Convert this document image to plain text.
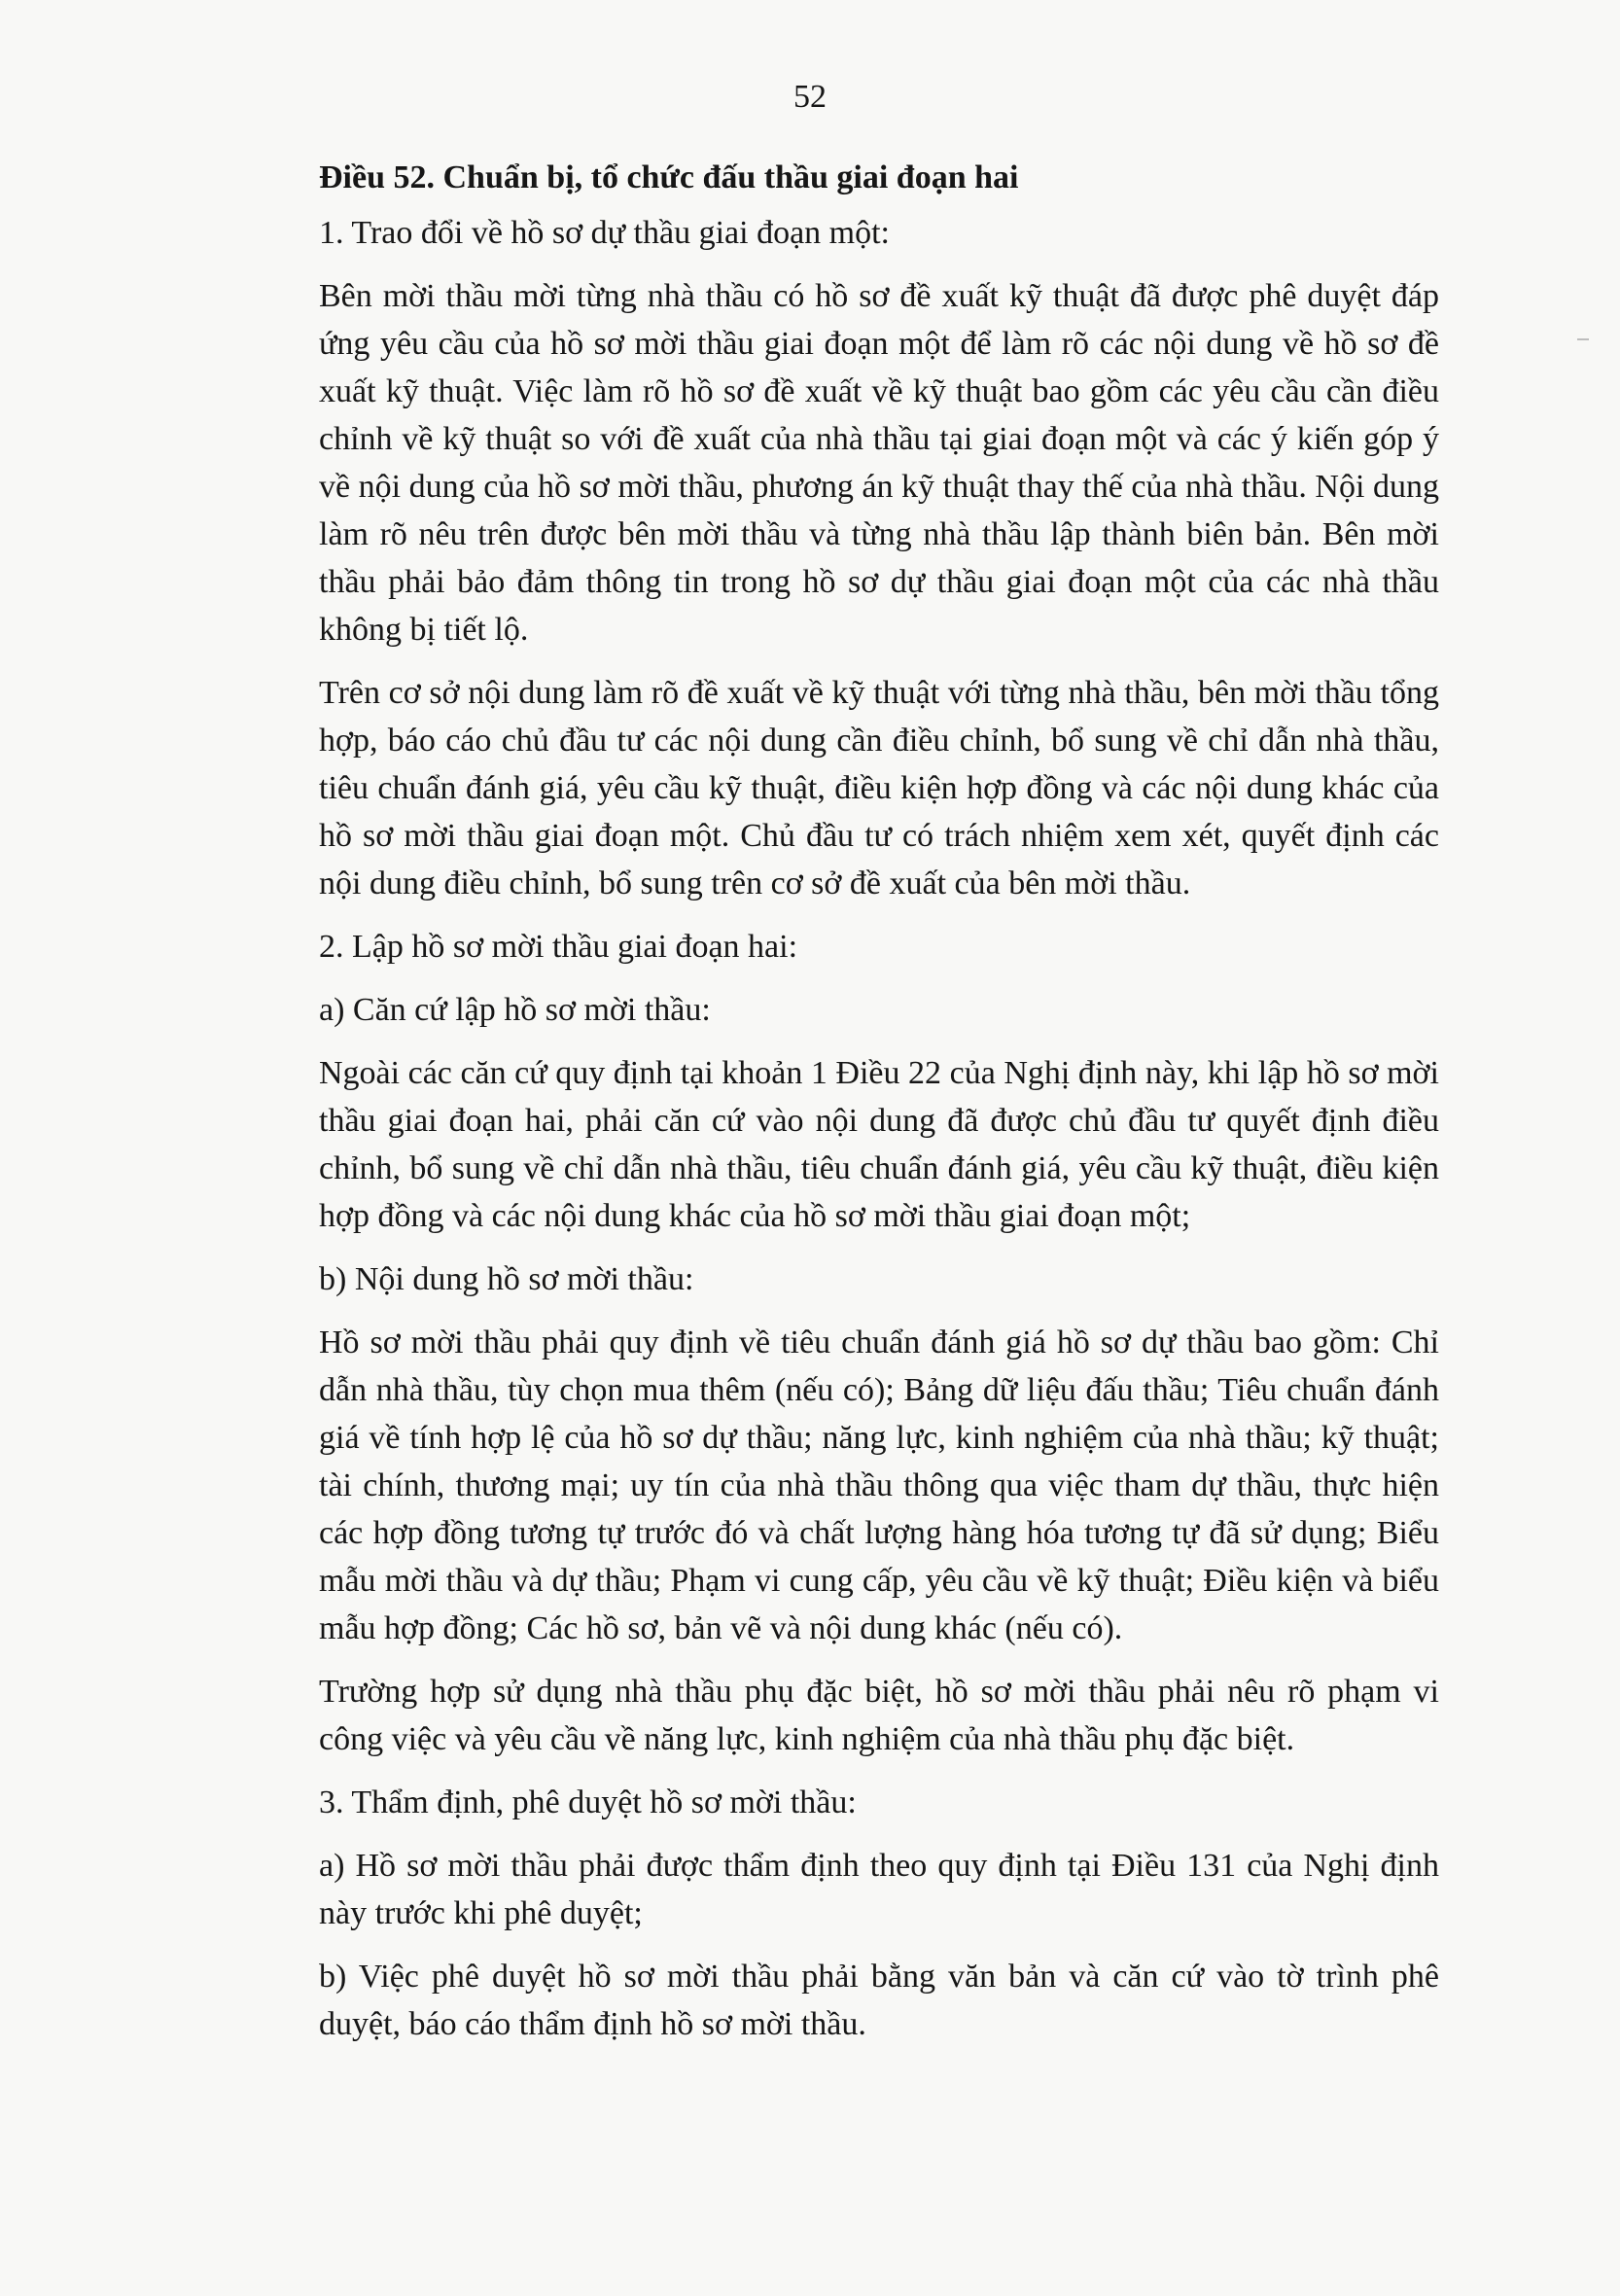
52
Điều 52. Chuẩn bị, tổ chức đấu thầu giai đoạn hai
1. Trao đổi về hồ sơ dự thầu giai đoạn một:
Bên mời thầu mời từng nhà thầu có hồ sơ đề xuất kỹ thuật đã được phê duyệt đáp ứng yêu cầu của hồ sơ mời thầu giai đoạn một để làm rõ các nội dung về hồ sơ đề xuất kỹ thuật. Việc làm rõ hồ sơ đề xuất về kỹ thuật bao gồm các yêu cầu cần điều chỉnh về kỹ thuật so với đề xuất của nhà thầu tại giai đoạn một và các ý kiến góp ý về nội dung của hồ sơ mời thầu, phương án kỹ thuật thay thế của nhà thầu. Nội dung làm rõ nêu trên được bên mời thầu và từng nhà thầu lập thành biên bản. Bên mời thầu phải bảo đảm thông tin trong hồ sơ dự thầu giai đoạn một của các nhà thầu không bị tiết lộ.
Trên cơ sở nội dung làm rõ đề xuất về kỹ thuật với từng nhà thầu, bên mời thầu tổng hợp, báo cáo chủ đầu tư các nội dung cần điều chỉnh, bổ sung về chỉ dẫn nhà thầu, tiêu chuẩn đánh giá, yêu cầu kỹ thuật, điều kiện hợp đồng và các nội dung khác của hồ sơ mời thầu giai đoạn một. Chủ đầu tư có trách nhiệm xem xét, quyết định các nội dung điều chỉnh, bổ sung trên cơ sở đề xuất của bên mời thầu.
2. Lập hồ sơ mời thầu giai đoạn hai:
a) Căn cứ lập hồ sơ mời thầu:
Ngoài các căn cứ quy định tại khoản 1 Điều 22 của Nghị định này, khi lập hồ sơ mời thầu giai đoạn hai, phải căn cứ vào nội dung đã được chủ đầu tư quyết định điều chỉnh, bổ sung về chỉ dẫn nhà thầu, tiêu chuẩn đánh giá, yêu cầu kỹ thuật, điều kiện hợp đồng và các nội dung khác của hồ sơ mời thầu giai đoạn một;
b) Nội dung hồ sơ mời thầu:
Hồ sơ mời thầu phải quy định về tiêu chuẩn đánh giá hồ sơ dự thầu bao gồm: Chỉ dẫn nhà thầu, tùy chọn mua thêm (nếu có); Bảng dữ liệu đấu thầu; Tiêu chuẩn đánh giá về tính hợp lệ của hồ sơ dự thầu; năng lực, kinh nghiệm của nhà thầu; kỹ thuật; tài chính, thương mại; uy tín của nhà thầu thông qua việc tham dự thầu, thực hiện các hợp đồng tương tự trước đó và chất lượng hàng hóa tương tự đã sử dụng; Biểu mẫu mời thầu và dự thầu; Phạm vi cung cấp, yêu cầu về kỹ thuật; Điều kiện và biểu mẫu hợp đồng; Các hồ sơ, bản vẽ và nội dung khác (nếu có).
Trường hợp sử dụng nhà thầu phụ đặc biệt, hồ sơ mời thầu phải nêu rõ phạm vi công việc và yêu cầu về năng lực, kinh nghiệm của nhà thầu phụ đặc biệt.
3. Thẩm định, phê duyệt hồ sơ mời thầu:
a) Hồ sơ mời thầu phải được thẩm định theo quy định tại Điều 131 của Nghị định này trước khi phê duyệt;
b) Việc phê duyệt hồ sơ mời thầu phải bằng văn bản và căn cứ vào tờ trình phê duyệt, báo cáo thẩm định hồ sơ mời thầu.
